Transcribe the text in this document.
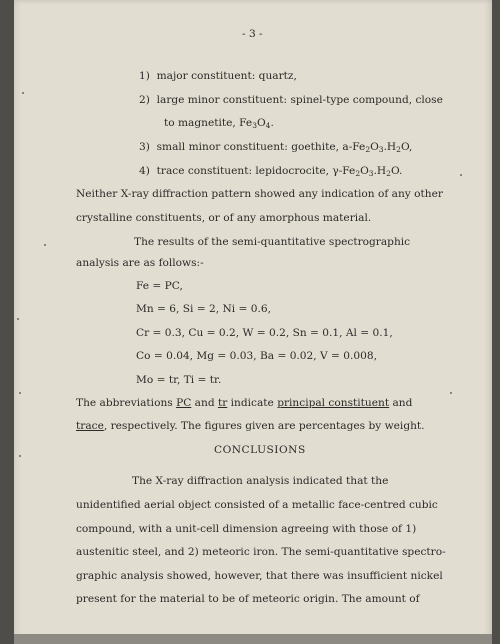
- 3 -
1) major constituent: quartz,
2) large minor constituent: spinel-type compound, close
to magnetite, $Fe_3O_4$.
3) small minor constituent: goethite, $a-Fe_2O_3.H_2O$,
4) trace constituent: lepidocrocite, $\gamma-Fe_2O_3.H_2O$.
Neither X-ray diffraction pattern showed any indication of any other
crystalline constituents, or of any amorphous material.
The results of the semi-quantitative spectrographic
analysis are as follows:-
Fe = PC,
Mn = 6, Si = 2, Ni = 0.6,
Cr = 0.3, Cu = 0.2, W = 0.2, Sn = 0.1, Al = 0.1,
Co = 0.04, Mg = 0.03, Ba = 0.02, V = 0.008,
Mo = tr, Ti = tr.
The abbreviations PC and tr indicate principal constituent and
trace, respectively. The figures given are percentages by weight.
CONCLUSIONS
The X-ray diffraction analysis indicated that the
unidentified aerial object consisted of a metallic face-centred cubic
compound, with a unit-cell dimension agreeing with those of 1)
austenitic steel, and 2) meteoric iron. The semi-quantitative spectro-
graphic analysis showed, however, that there was insufficient nickel
present for the material to be of meteoric origin. The amount of
